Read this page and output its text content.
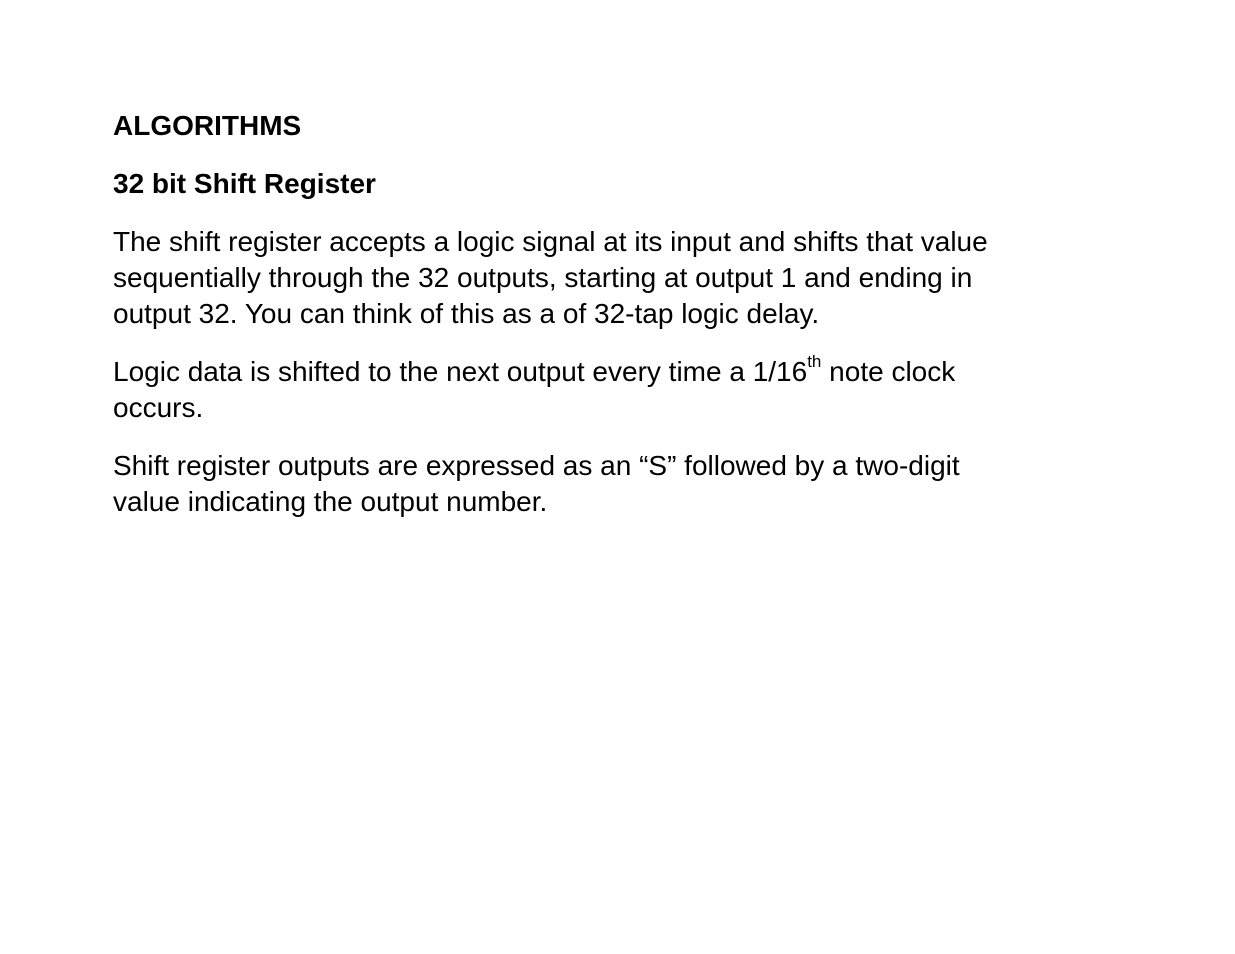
ALGORITHMS
32 bit Shift Register

The shift register accepts a logic signal at its input and shifts that value
sequentially through the 32 outputs, starting at output 1 and ending in
output 32. You can think of this as a of 32-tap logic delay.

Logic data is shifted to the next output every time a 1/16th note clock
occurs.

Shift register outputs are expressed as an “S” followed by a two-digit
value indicating the output number.
